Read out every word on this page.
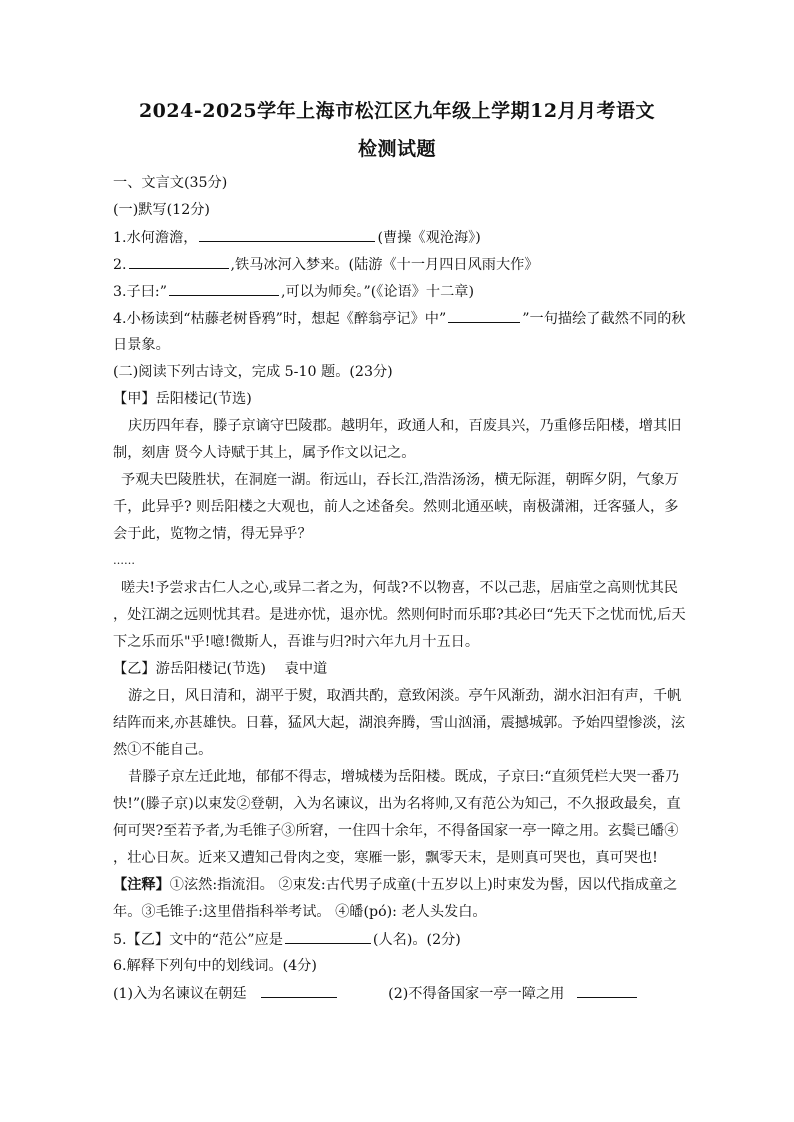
2024-2025学年上海市松江区九年级上学期12月月考语文
检测试题
一、文言文(35分)
(一)默写(12分)
1.水何澹澹，	(曹操《观沧海》)
2.	,铁马冰河入梦来。(陆游《十一月四日风雨大作》
3.子曰:”	,可以为师矣。”(《论语》十二章)
4.小杨读到“枯藤老树昏鸦”时，想起《醉翁亭记》中”	”一句描绘了截然不同的秋
日景象。
(二)阅读下列古诗文，完成 5-10 题。(23分)
【甲】岳阳楼记(节选)
庆历四年春，滕子京谪守巴陵郡。越明年，政通人和，百废具兴，乃重修岳阳楼，增其旧
制，刻唐 贤今人诗赋于其上，属予作文以记之。
予观夫巴陵胜状，在洞庭一湖。衔远山，吞长江,浩浩汤汤，横无际涯，朝晖夕阴，气象万
千，此异乎? 则岳阳楼之大观也，前人之述备矣。然则北通巫峡，南极潇湘，迁客骚人，多
会于此，览物之情，得无异乎？
……
嗟夫!予尝求古仁人之心,或异二者之为，何哉?不以物喜，不以己悲，居庙堂之高则忧其民
，处江湖之远则忧其君。是进亦忧，退亦忧。然则何时而乐耶?其必曰“先天下之忧而忧,后天
下之乐而乐"乎!噫!微斯人，吾谁与归?时六年九月十五日。
【乙】游岳阳楼记(节选)　 袁中道
游之日，风日清和，湖平于熨，取酒共酌，意致闲淡。亭午风渐劲，湖水汩汩有声，千帆
结阵而来,亦甚雄快。日暮，猛风大起，湖浪奔腾，雪山汹涌，震撼城郭。予始四望惨淡，泫
然①不能自己。
昔滕子京左迁此地，郁郁不得志，增城楼为岳阳楼。既成，子京曰:“直须凭栏大哭一番乃
快!”(滕子京)以束发②登朝，入为名谏议，出为名将帅,又有范公为知己，不久报政最矣，直
何可哭?至若予者,为毛锥子③所窘，一住四十余年，不得备国家一亭一障之用。玄鬓已皤④
，壮心日灰。近来又遭知己骨肉之变，寒雁一影，飘零天末，是则真可哭也，真可哭也!
【注释】①泫然:指流泪。 ②束发:古代男子成童(十五岁以上)时束发为髻，因以代指成童之
年。③毛锥子:这里借指科举考试。 ④皤(pó): 老人头发白。
5.【乙】文中的“范公”应是	(人名)。(2分)
6.解释下列句中的划线词。(4分)
(1)入为名谏议在朝廷	(2)不得备国家一亭一障之用
